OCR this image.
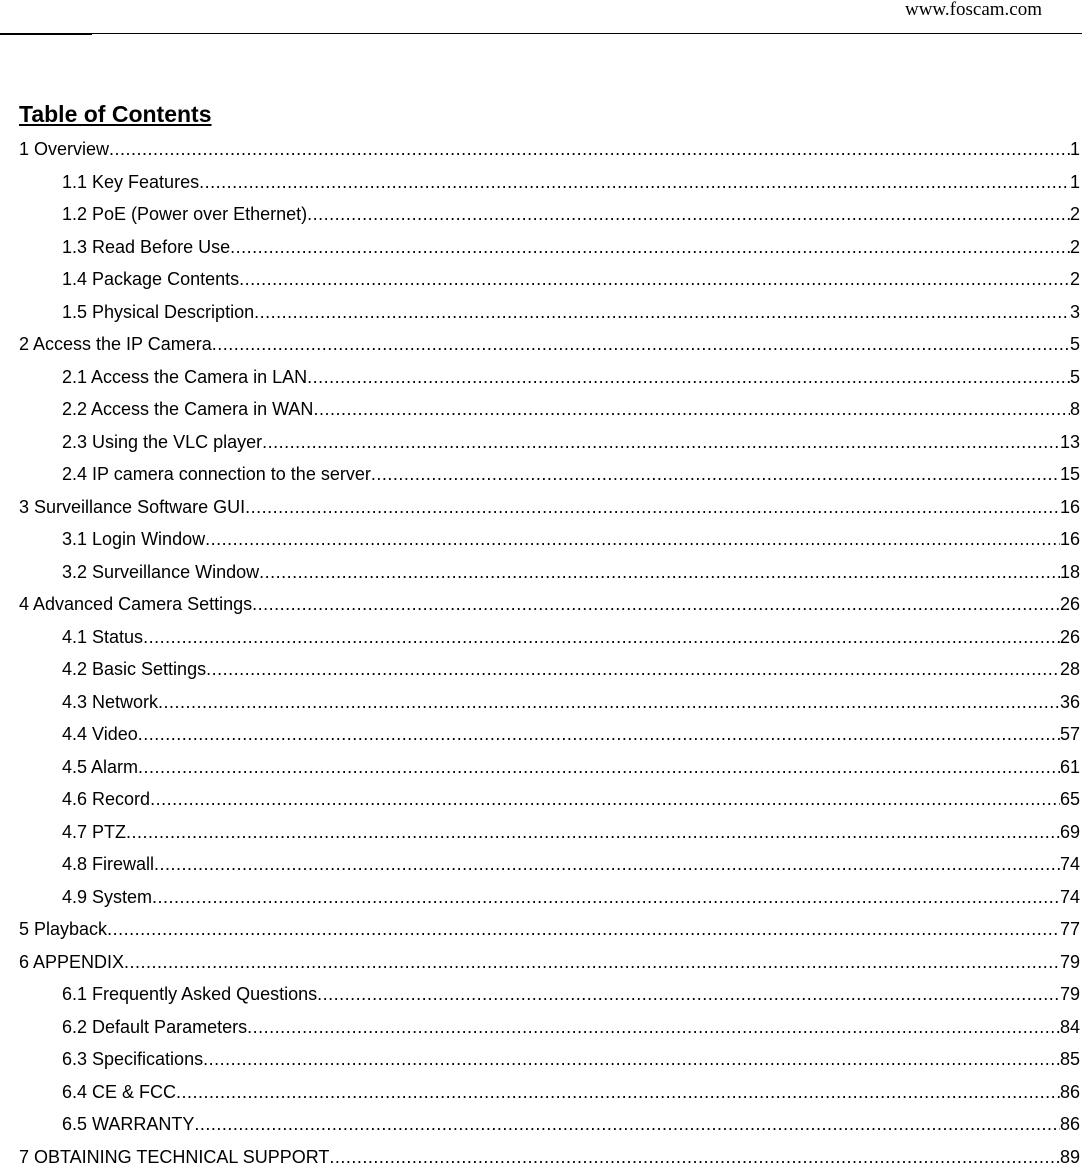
www.foscam.com
Table of Contents
1 Overview .....	1
1.1 Key Features .....	1
1.2 PoE (Power over Ethernet) .....	2
1.3 Read Before Use .....	2
1.4 Package Contents .....	2
1.5 Physical Description .....	3
2 Access the IP Camera .....	5
2.1 Access the Camera in LAN .....	5
2.2 Access the Camera in WAN .....	8
2.3 Using the VLC player .....	13
2.4 IP camera connection to the server .....	15
3 Surveillance Software GUI .....	16
3.1 Login Window .....	16
3.2 Surveillance Window .....	18
4 Advanced Camera Settings .....	26
4.1 Status .....	26
4.2 Basic Settings .....	28
4.3 Network .....	36
4.4 Video .....	57
4.5 Alarm .....	61
4.6 Record .....	65
4.7 PTZ .....	69
4.8 Firewall .....	74
4.9 System .....	74
5 Playback .....	77
6 APPENDIX .....	79
6.1 Frequently Asked Questions .....	79
6.2 Default Parameters .....	84
6.3 Specifications .....	85
6.4 CE & FCC .....	86
6.5 WARRANTY .....	86
7 OBTAINING TECHNICAL SUPPORT .....	89
